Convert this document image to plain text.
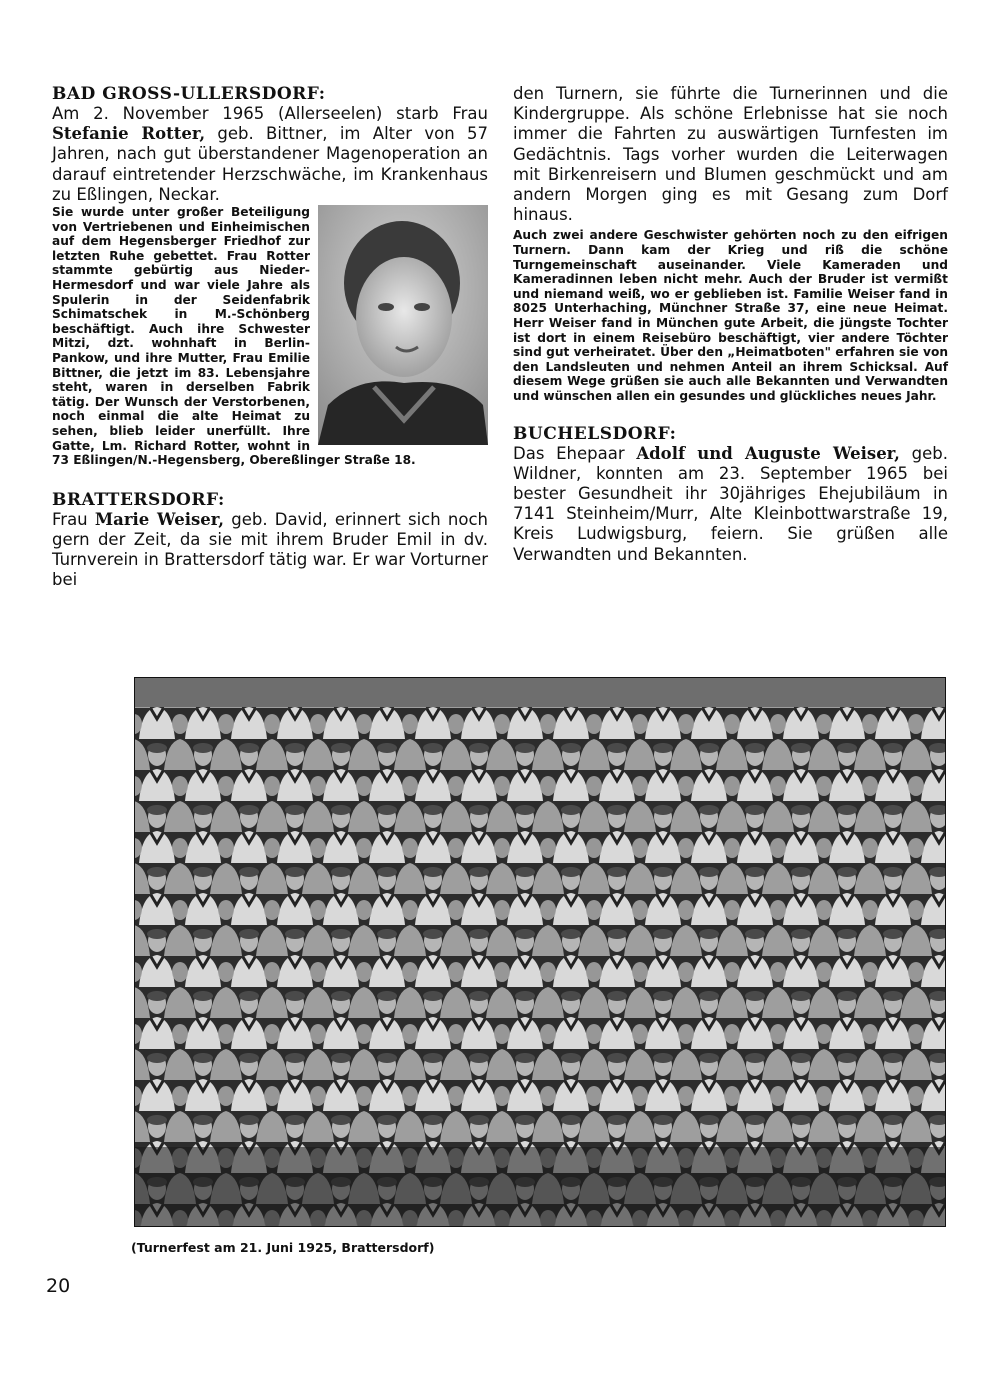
BAD GROSS-ULLERSDORF:

Am 2. November 1965 (Allerseelen) starb Frau Stefanie Rotter, geb. Bittner, im Alter von 57 Jahren, nach gut überstandener Magenoperation an darauf eintretender Herzschwäche, im Krankenhaus zu Eßlingen, Neckar.

Sie wurde unter großer Beteiligung von Vertriebenen und Einheimischen auf dem Hegensberger Friedhof zur letzten Ruhe gebettet. Frau Rotter stammte gebürtig aus Nieder-Hermesdorf und war viele Jahre als Spulerin in der Seidenfabrik Schimatschek in M.-Schönberg beschäftigt. Auch ihre Schwester Mitzi, dzt. wohnhaft in Berlin-Pankow, und ihre Mutter, Frau Emilie Bittner, die jetzt im 83. Lebensjahre steht, waren in derselben Fabrik tätig. Der Wunsch der Verstorbenen, noch einmal die alte Heimat zu sehen, blieb leider unerfüllt. Ihre Gatte, Lm. Richard Rotter, wohnt in 73 Eßlingen/N.-Hegensberg, Obereßlinger Straße 18.

BRATTERSDORF:

Frau Marie Weiser, geb. David, erinnert sich noch gern der Zeit, da sie mit ihrem Bruder Emil in dv. Turnverein in Brattersdorf tätig war. Er war Vorturner bei

den Turnern, sie führte die Turnerinnen und die Kindergruppe. Als schöne Erlebnisse hat sie noch immer die Fahrten zu auswärtigen Turnfesten im Gedächtnis. Tags vorher wurden die Leiterwagen mit Birkenreisern und Blumen geschmückt und am andern Morgen ging es mit Gesang zum Dorf hinaus.

Auch zwei andere Geschwister gehörten noch zu den eifrigen Turnern. Dann kam der Krieg und riß die schöne Turngemeinschaft auseinander. Viele Kameraden und Kameradinnen leben nicht mehr. Auch der Bruder ist vermißt und niemand weiß, wo er geblieben ist. Familie Weiser fand in 8025 Unterhaching, Münchner Straße 37, eine neue Heimat. Herr Weiser fand in München gute Arbeit, die jüngste Tochter ist dort in einem Reisebüro beschäftigt, vier andere Töchter sind gut verheiratet. Über den „Heimatboten" erfahren sie von den Landsleuten und nehmen Anteil an ihrem Schicksal. Auf diesem Wege grüßen sie auch alle Bekannten und Verwandten und wünschen allen ein gesundes und glückliches neues Jahr.

BUCHELSDORF:

Das Ehepaar Adolf und Auguste Weiser, geb. Wildner, konnten am 23. September 1965 bei bester Gesundheit ihr 30jähriges Ehejubiläum in 7141 Steinheim/Murr, Alte Kleinbottwarstraße 19, Kreis Ludwigsburg, feiern. Sie grüßen alle Verwandten und Bekannten.

(Turnerfest am 21. Juni 1925, Brattersdorf)
20
